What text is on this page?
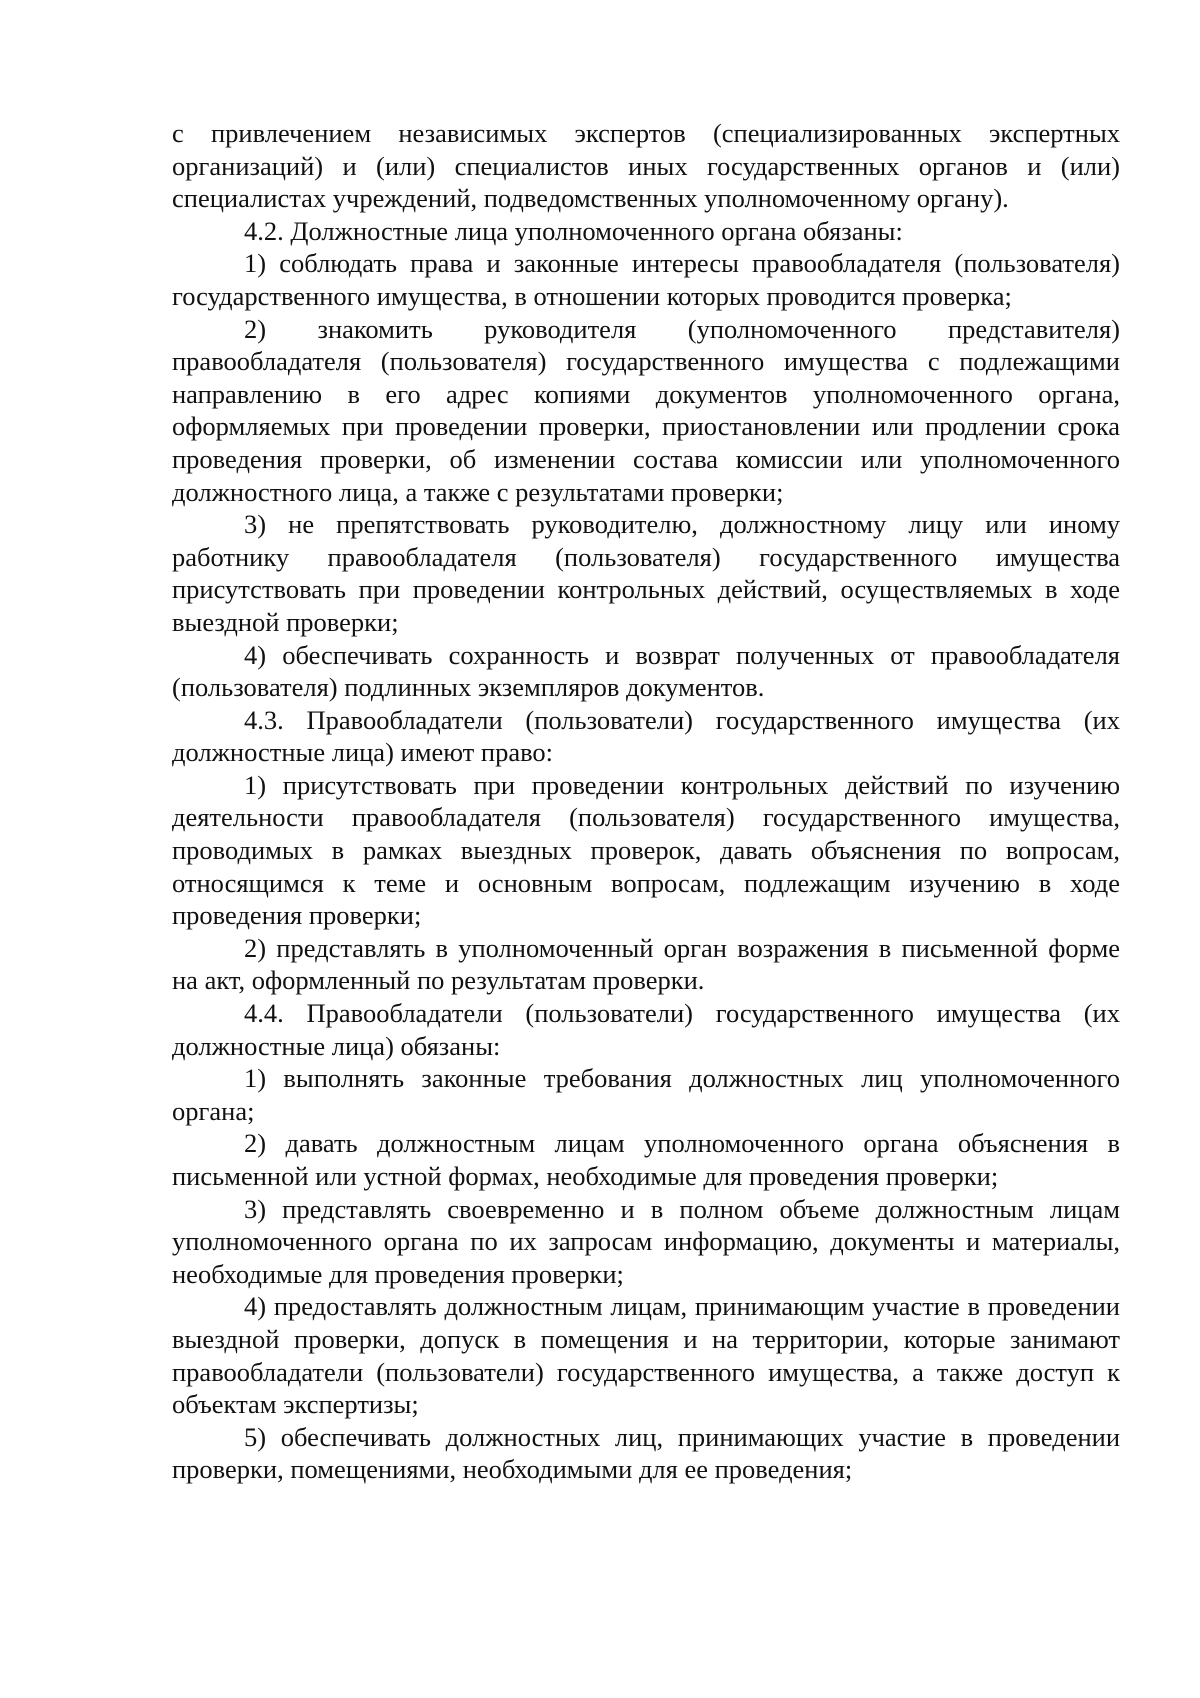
с привлечением независимых экспертов (специализированных экспертных организаций) и (или) специалистов иных государственных органов и (или) специалистах учреждений, подведомственных уполномоченному органу).

4.2. Должностные лица уполномоченного органа обязаны:

1) соблюдать права и законные интересы правообладателя (пользователя) государственного имущества, в отношении которых проводится проверка;

2) знакомить руководителя (уполномоченного представителя) правообладателя (пользователя) государственного имущества с подлежащими направлению в его адрес копиями документов уполномоченного органа, оформляемых при проведении проверки, приостановлении или продлении срока проведения проверки, об изменении состава комиссии или уполномоченного должностного лица, а также с результатами проверки;

3) не препятствовать руководителю, должностному лицу или иному работнику правообладателя (пользователя) государственного имущества присутствовать при проведении контрольных действий, осуществляемых в ходе выездной проверки;

4) обеспечивать сохранность и возврат полученных от правообладателя (пользователя) подлинных экземпляров документов.

4.3. Правообладатели (пользователи) государственного имущества (их должностные лица) имеют право:

1) присутствовать при проведении контрольных действий по изучению деятельности правообладателя (пользователя) государственного имущества, проводимых в рамках выездных проверок, давать объяснения по вопросам, относящимся к теме и основным вопросам, подлежащим изучению в ходе проведения проверки;

2) представлять в уполномоченный орган возражения в письменной форме на акт, оформленный по результатам проверки.

4.4. Правообладатели (пользователи) государственного имущества (их должностные лица) обязаны:

1) выполнять законные требования должностных лиц уполномоченного органа;

2) давать должностным лицам уполномоченного органа объяснения в письменной или устной формах, необходимые для проведения проверки;

3) представлять своевременно и в полном объеме должностным лицам уполномоченного органа по их запросам информацию, документы и материалы, необходимые для проведения проверки;

4) предоставлять должностным лицам, принимающим участие в проведении выездной проверки, допуск в помещения и на территории, которые занимают правообладатели (пользователи) государственного имущества, а также доступ к объектам экспертизы;

5) обеспечивать должностных лиц, принимающих участие в проведении проверки, помещениями, необходимыми для ее проведения;
